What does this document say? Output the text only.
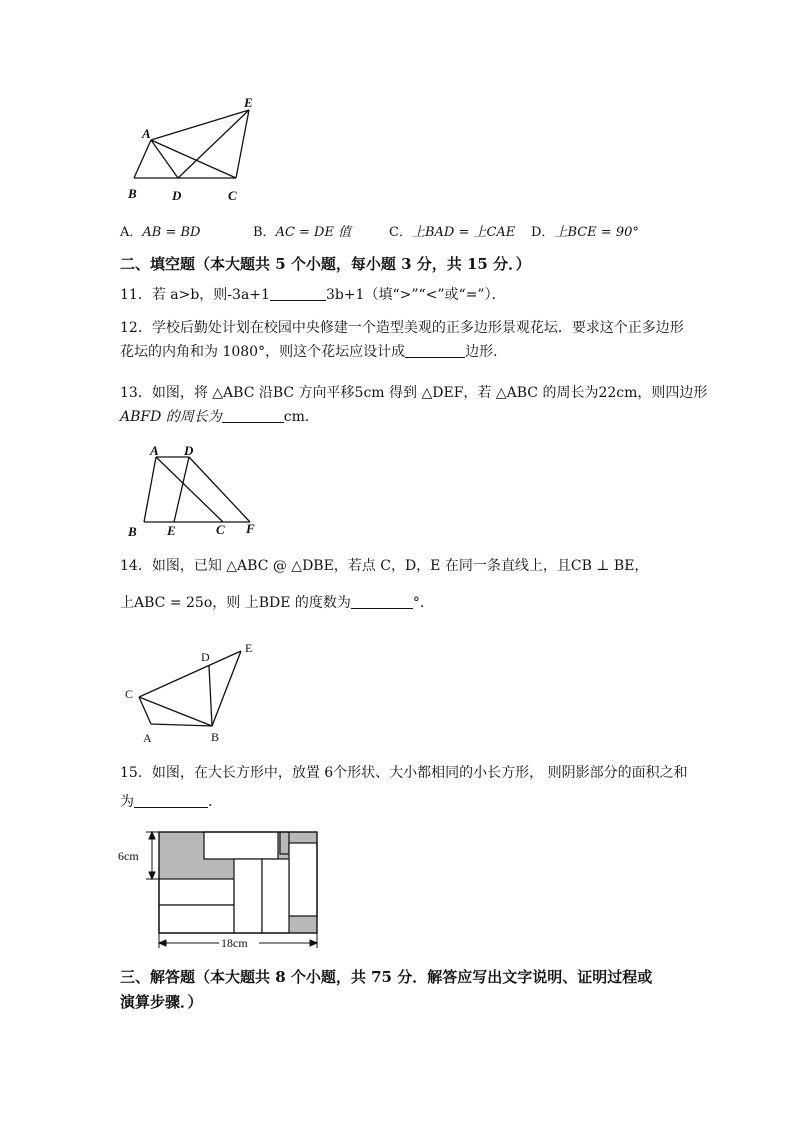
A
E
B	D	C
A．AB = BD	B．AC = DE 值	C．上BAD = 上CAE D．上BCE = 90°
二、填空题（本大题共 5 个小题，每小题 3 分，共 15 分．）
11．若 a>b，则-3a+1	3b+1（填“>”“<”或“=”）．
12．学校后勤处计划在校园中央修建一个造型美观的正多边形景观花坛．要求这个正多边形
花坛的内角和为 1080°，则这个花坛应设计成	边形．
13．如图，将 △ABC 沿BC 方向平移5cm 得到 △DEF，若 △ABC 的周长为22cm，则四边形
ABFD 的周长为	cm．
A D
B E	C F
14．如图，已知 △ABC @ △DBE，若点 C，D，E 在同一条直线上，且CB ⊥ BE，
上ABC = 25o，则 上BDE 的度数为	°．
D
E
C
A	B
15．如图，在大长方形中，放置 6个形状、大小都相同的小长方形， 则阴影部分的面积之和
为	．
6cm
18cm
三、解答题（本大题共 8 个小题，共 75 分．解答应写出文字说明、证明过程或
演算步骤．）
